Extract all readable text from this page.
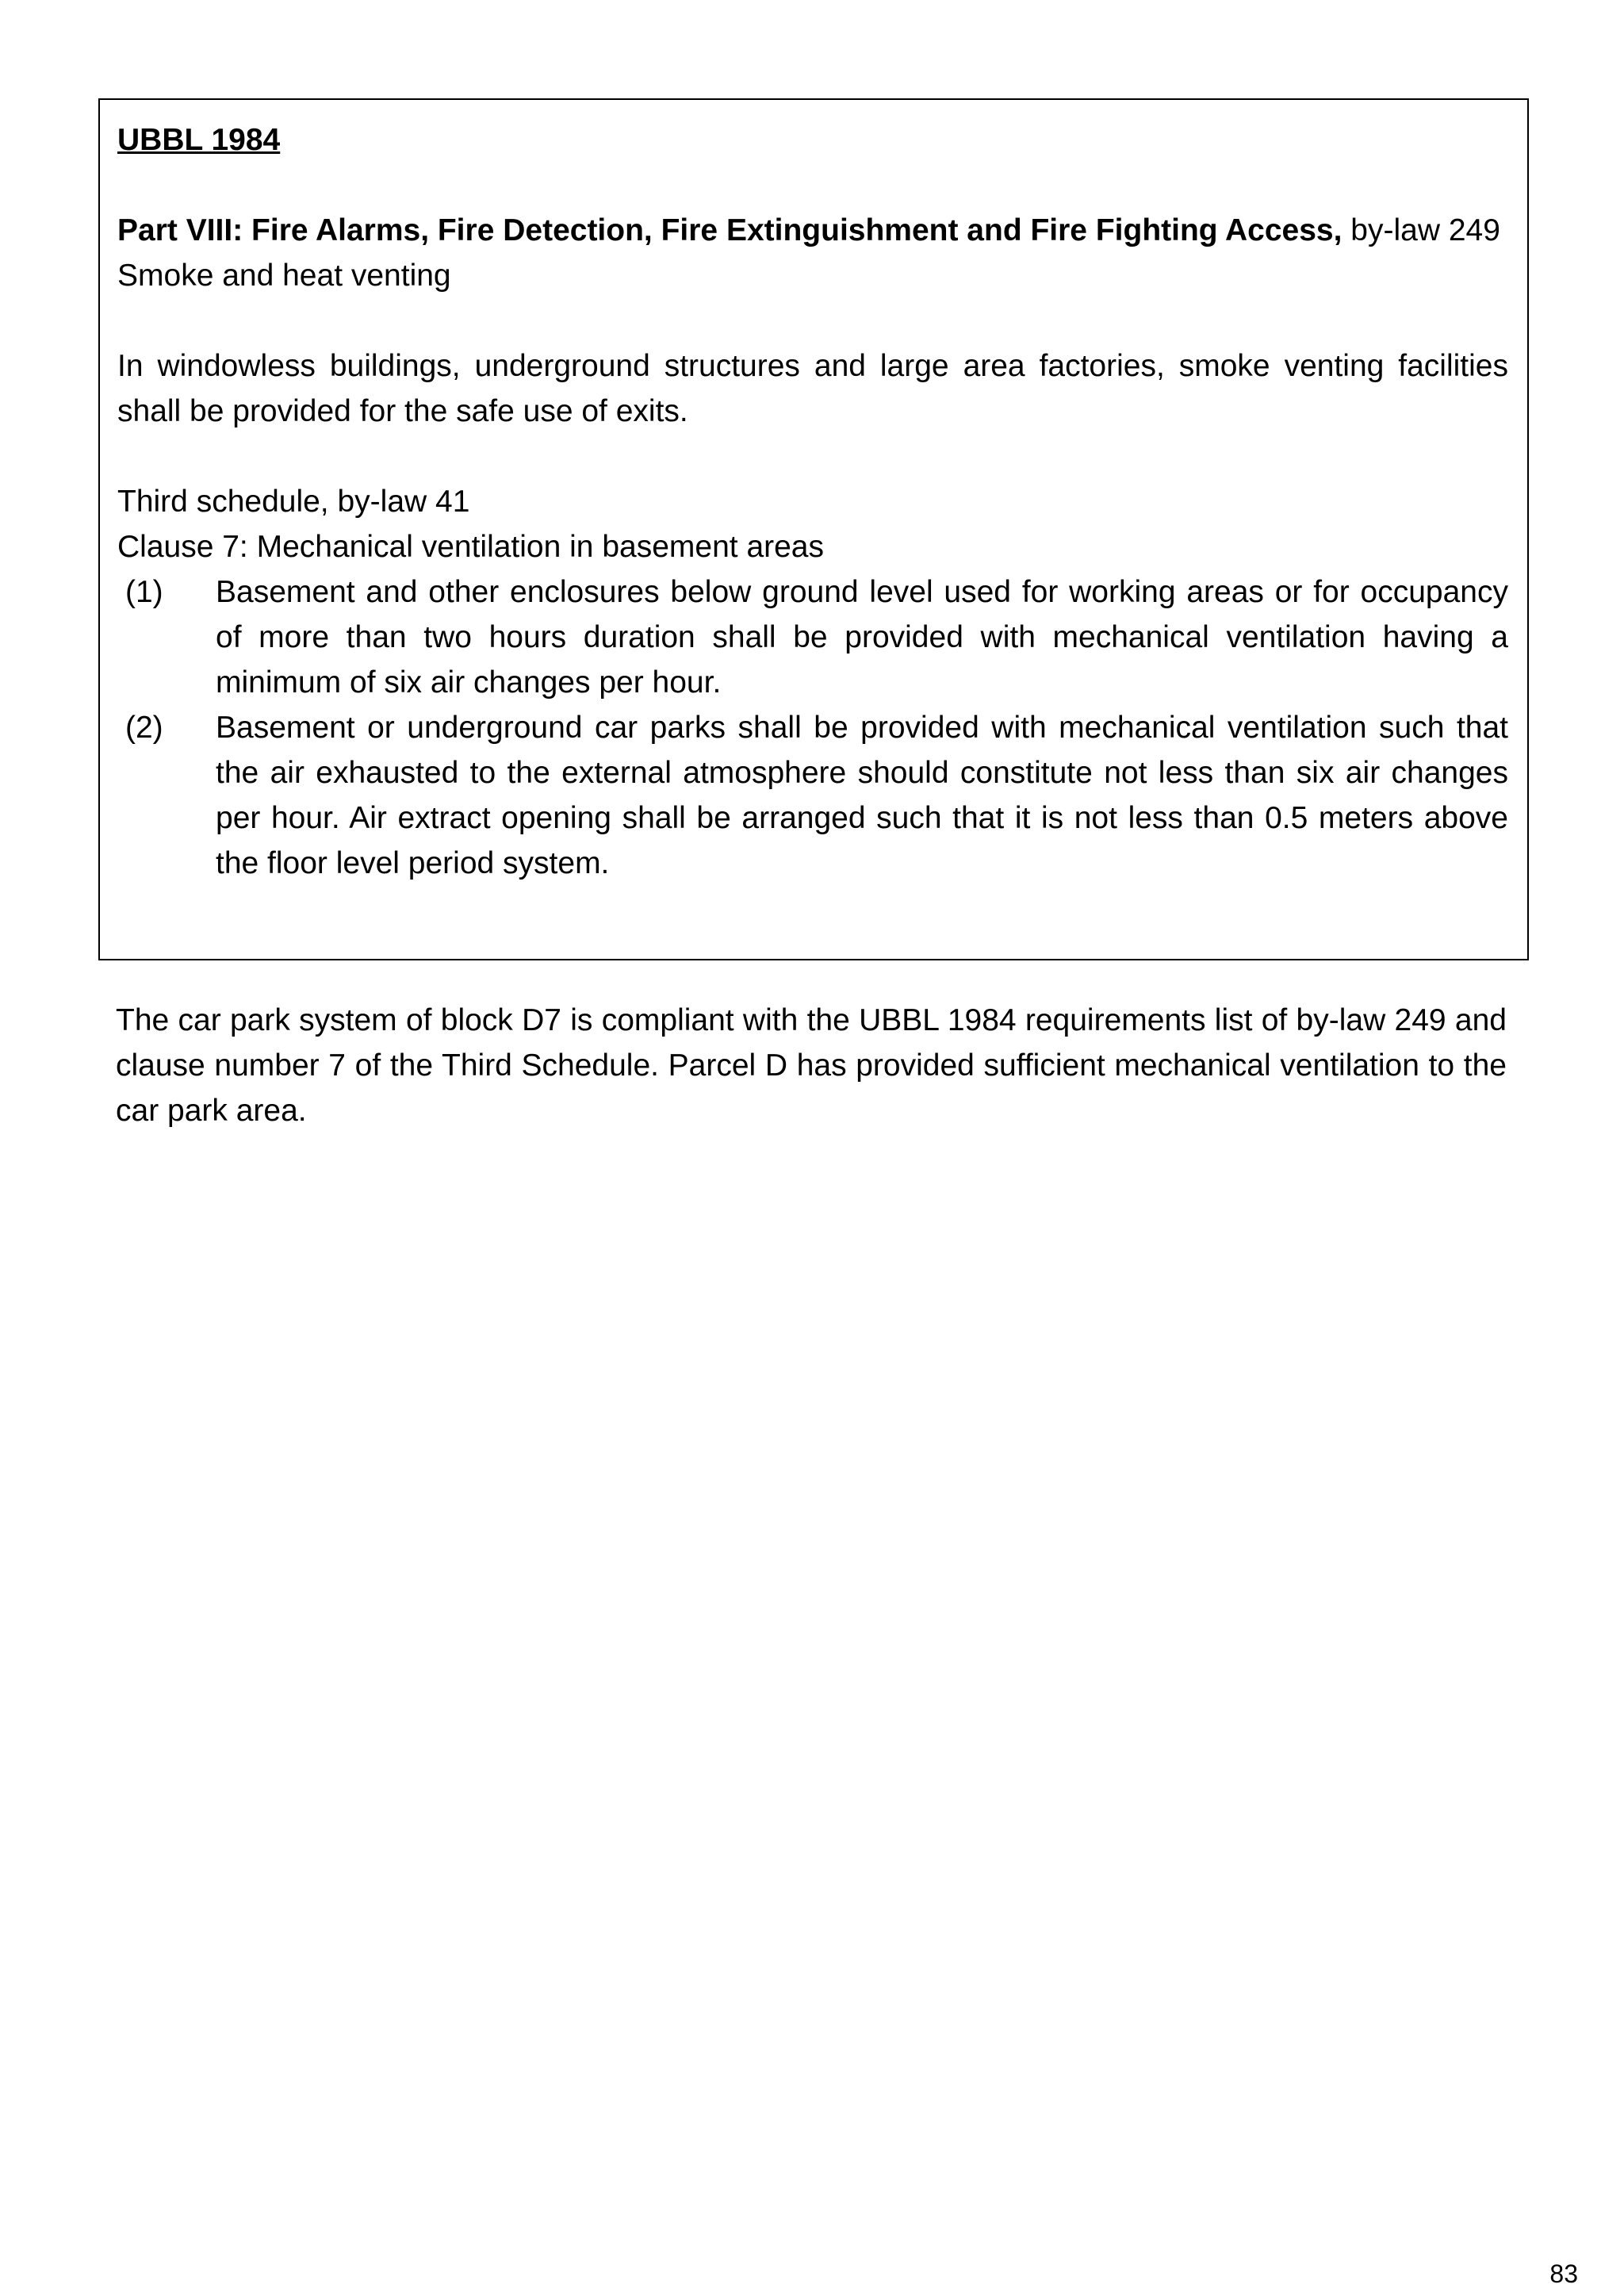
UBBL 1984

Part VIII: Fire Alarms, Fire Detection, Fire Extinguishment and Fire Fighting Access, by-law 249

Smoke and heat venting

In windowless buildings, underground structures and large area factories, smoke venting facilities shall be provided for the safe use of exits.

Third schedule, by-law 41

Clause 7: Mechanical ventilation in basement areas

(1)	Basement and other enclosures below ground level used for working areas or for occupancy of more than two hours duration shall be provided with mechanical ventilation having a minimum of six air changes per hour.
(2)	Basement or underground car parks shall be provided with mechanical ventilation such that the air exhausted to the external atmosphere should constitute not less than six air changes per hour. Air extract opening shall be arranged such that it is not less than 0.5 meters above the floor level period system.

The car park system of block D7 is compliant with the UBBL 1984 requirements list of by-law 249 and clause number 7 of the Third Schedule. Parcel D has provided sufficient mechanical ventilation to the car park area.

83
